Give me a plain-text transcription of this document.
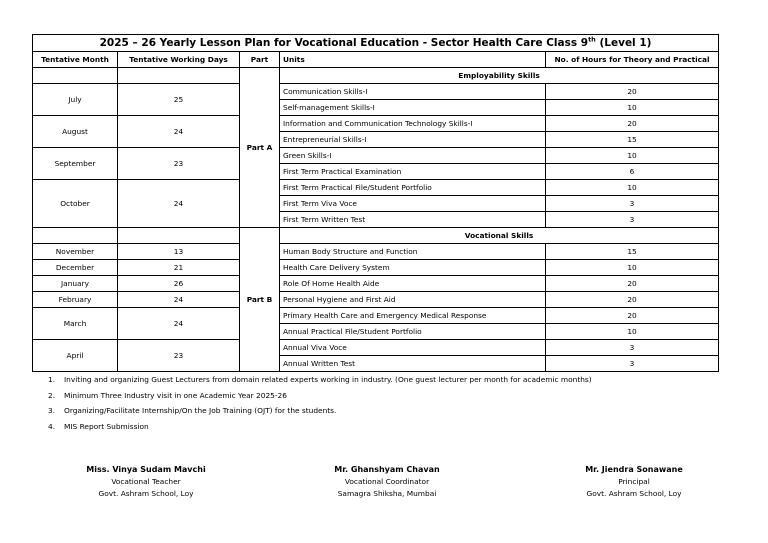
2025 – 26 Yearly Lesson Plan for Vocational Education - Sector Health Care Class 9th (Level 1)				
Tentative Month	Tentative Working Days	Part	Units	No. of Hours for Theory and Practical
		Part A	Employability Skills	
July	25		Communication Skills-I	20
			Self-management Skills-I	10
August	24		Information and Communication Technology Skills-I	20
			Entrepreneurial Skills-I	15
September	23		Green Skills-I	10
			First Term Practical Examination	6
October	24		First Term Practical File/Student Portfolio	10
			First Term Viva Voce	3
			First Term Written Test	3
		Part B	Vocational Skills	
November	13		Human Body Structure and Function	15
December	21		Health Care Delivery System	10
January	26		Role Of Home Health Aide	20
February	24		Personal Hygiene and First Aid	20
March	24		Primary Health Care and Emergency Medical Response	20
			Annual Practical File/Student Portfolio	10
April	23		Annual Viva Voce	3
			Annual Written Test	3
1. Inviting and organizing Guest Lecturers from domain related experts working in industry. (One guest lecturer per month for academic months)
2. Minimum Three Industry visit in one Academic Year 2025-26
3. Organizing/Facilitate Internship/On the Job Training (OJT) for the students.
4. MIS Report Submission
Miss. Vinya Sudam Mavchi
Vocational Teacher
Govt. Ashram School, Loy
Mr. Ghanshyam Chavan
Vocational Coordinator
Samagra Shiksha, Mumbai
Mr. Jiendra Sonawane
Principal
Govt. Ashram School, Loy
